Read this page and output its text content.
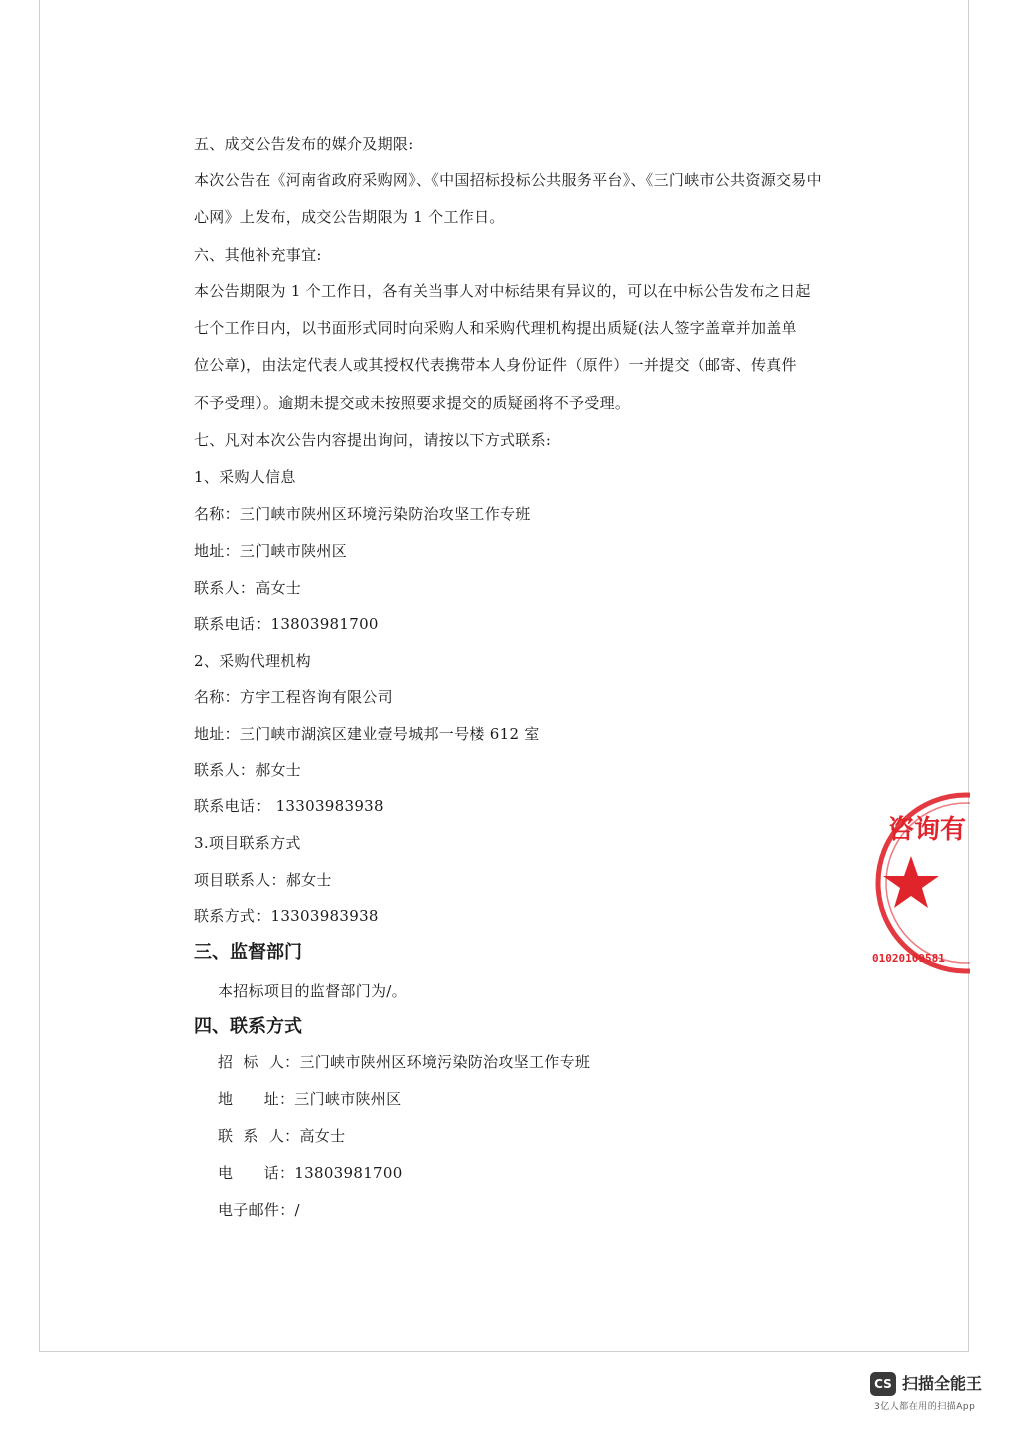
五、成交公告发布的媒介及期限:
本次公告在《河南省政府采购网》、《中国招标投标公共服务平台》、《三门峡市公共资源交易中
心网》上发布，成交公告期限为 1 个工作日。
六、其他补充事宜:
本公告期限为 1 个工作日，各有关当事人对中标结果有异议的，可以在中标公告发布之日起
七个工作日内，以书面形式同时向采购人和采购代理机构提出质疑(法人签字盖章并加盖单
位公章)，由法定代表人或其授权代表携带本人身份证件（原件）一并提交（邮寄、传真件
不予受理）。逾期未提交或未按照要求提交的质疑函将不予受理。
七、凡对本次公告内容提出询问，请按以下方式联系:
1、采购人信息
名称：三门峡市陕州区环境污染防治攻坚工作专班
地址：三门峡市陕州区
联系人：高女士
联系电话：13803981700
2、采购代理机构
名称：方宇工程咨询有限公司
地址：三门峡市湖滨区建业壹号城邦一号楼 612 室
联系人：郝女士
联系电话： 13303983938
3.项目联系方式
项目联系人：郝女士
联系方式：13303983938
三、监督部门
本招标项目的监督部门为/。
四、联系方式
招  标  人：三门峡市陕州区环境污染防治攻坚工作专班
地      址：三门峡市陕州区
联  系  人：高女士
电      话：13803981700
电子邮件：/
咨询有
01020109581
CS 扫描全能王
3亿人都在用的扫描App
